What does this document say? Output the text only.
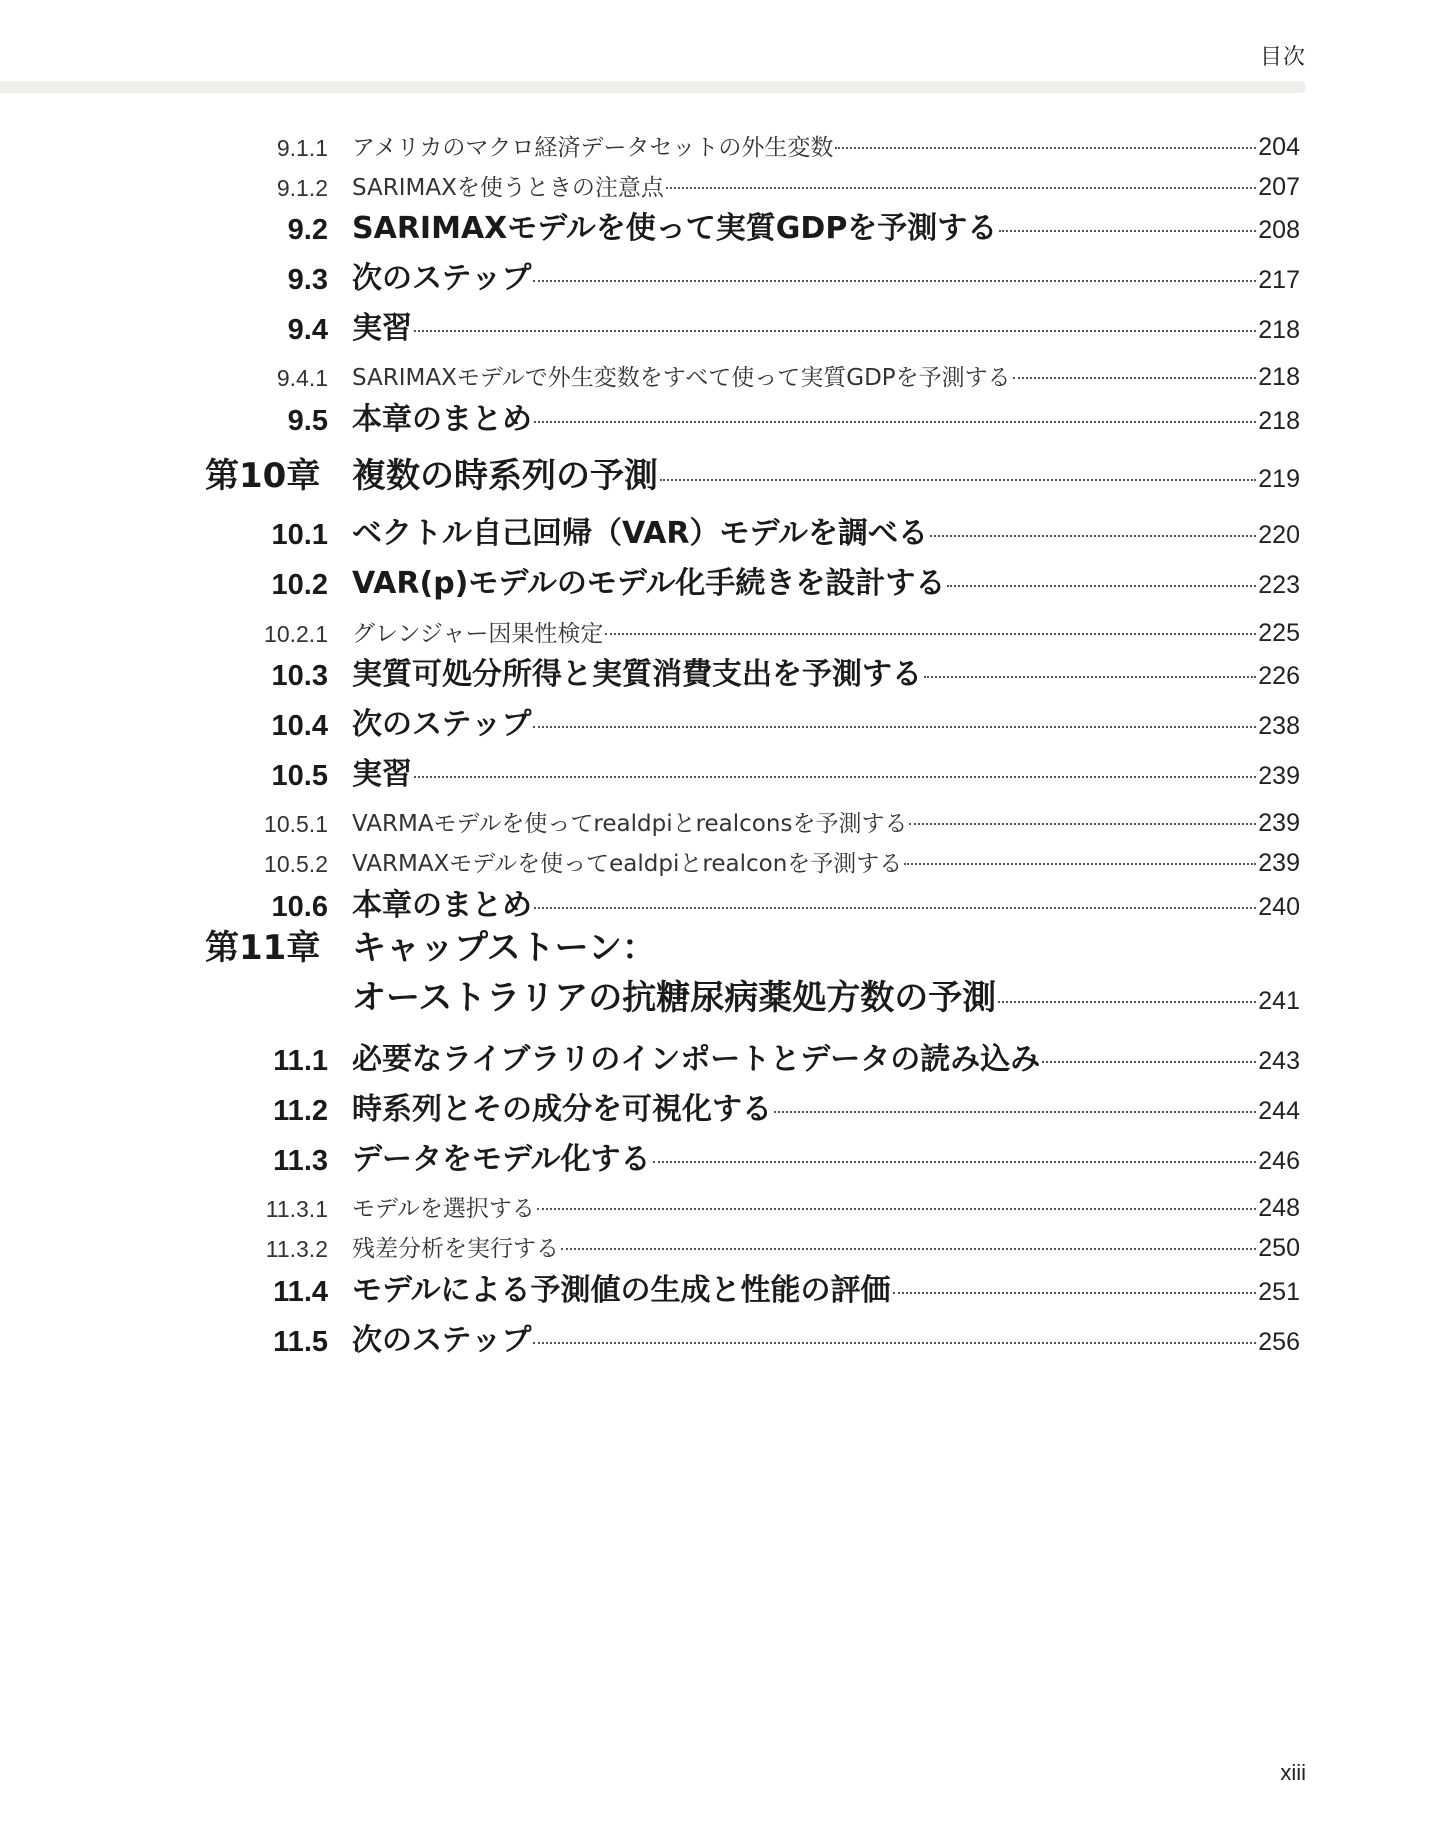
目次
9.1.1 アメリカのマクロ経済データセットの外生変数	204
9.1.2 SARIMAXを使うときの注意点	207
9.2 SARIMAXモデルを使って実質GDPを予測する	208
9.3 次のステップ	217
9.4 実習	218
9.4.1 SARIMAXモデルで外生変数をすべて使って実質GDPを予測する	218
9.5 本章のまとめ	218
第10章 複数の時系列の予測	219
10.1 ベクトル自己回帰（VAR）モデルを調べる	220
10.2 VAR(p)モデルのモデル化手続きを設計する	223
10.2.1 グレンジャー因果性検定	225
10.3 実質可処分所得と実質消費支出を予測する	226
10.4 次のステップ	238
10.5 実習	239
10.5.1 VARMAモデルを使ってrealdpiとrealconsを予測する	239
10.5.2 VARMAXモデルを使ってealdpiとrealconを予測する	239
10.6 本章のまとめ	240
第11章 キャップストーン：
オーストラリアの抗糖尿病薬処方数の予測	241
11.1 必要なライブラリのインポートとデータの読み込み	243
11.2 時系列とその成分を可視化する	244
11.3 データをモデル化する	246
11.3.1 モデルを選択する	248
11.3.2 残差分析を実行する	250
11.4 モデルによる予測値の生成と性能の評価	251
11.5 次のステップ	256
xiii
